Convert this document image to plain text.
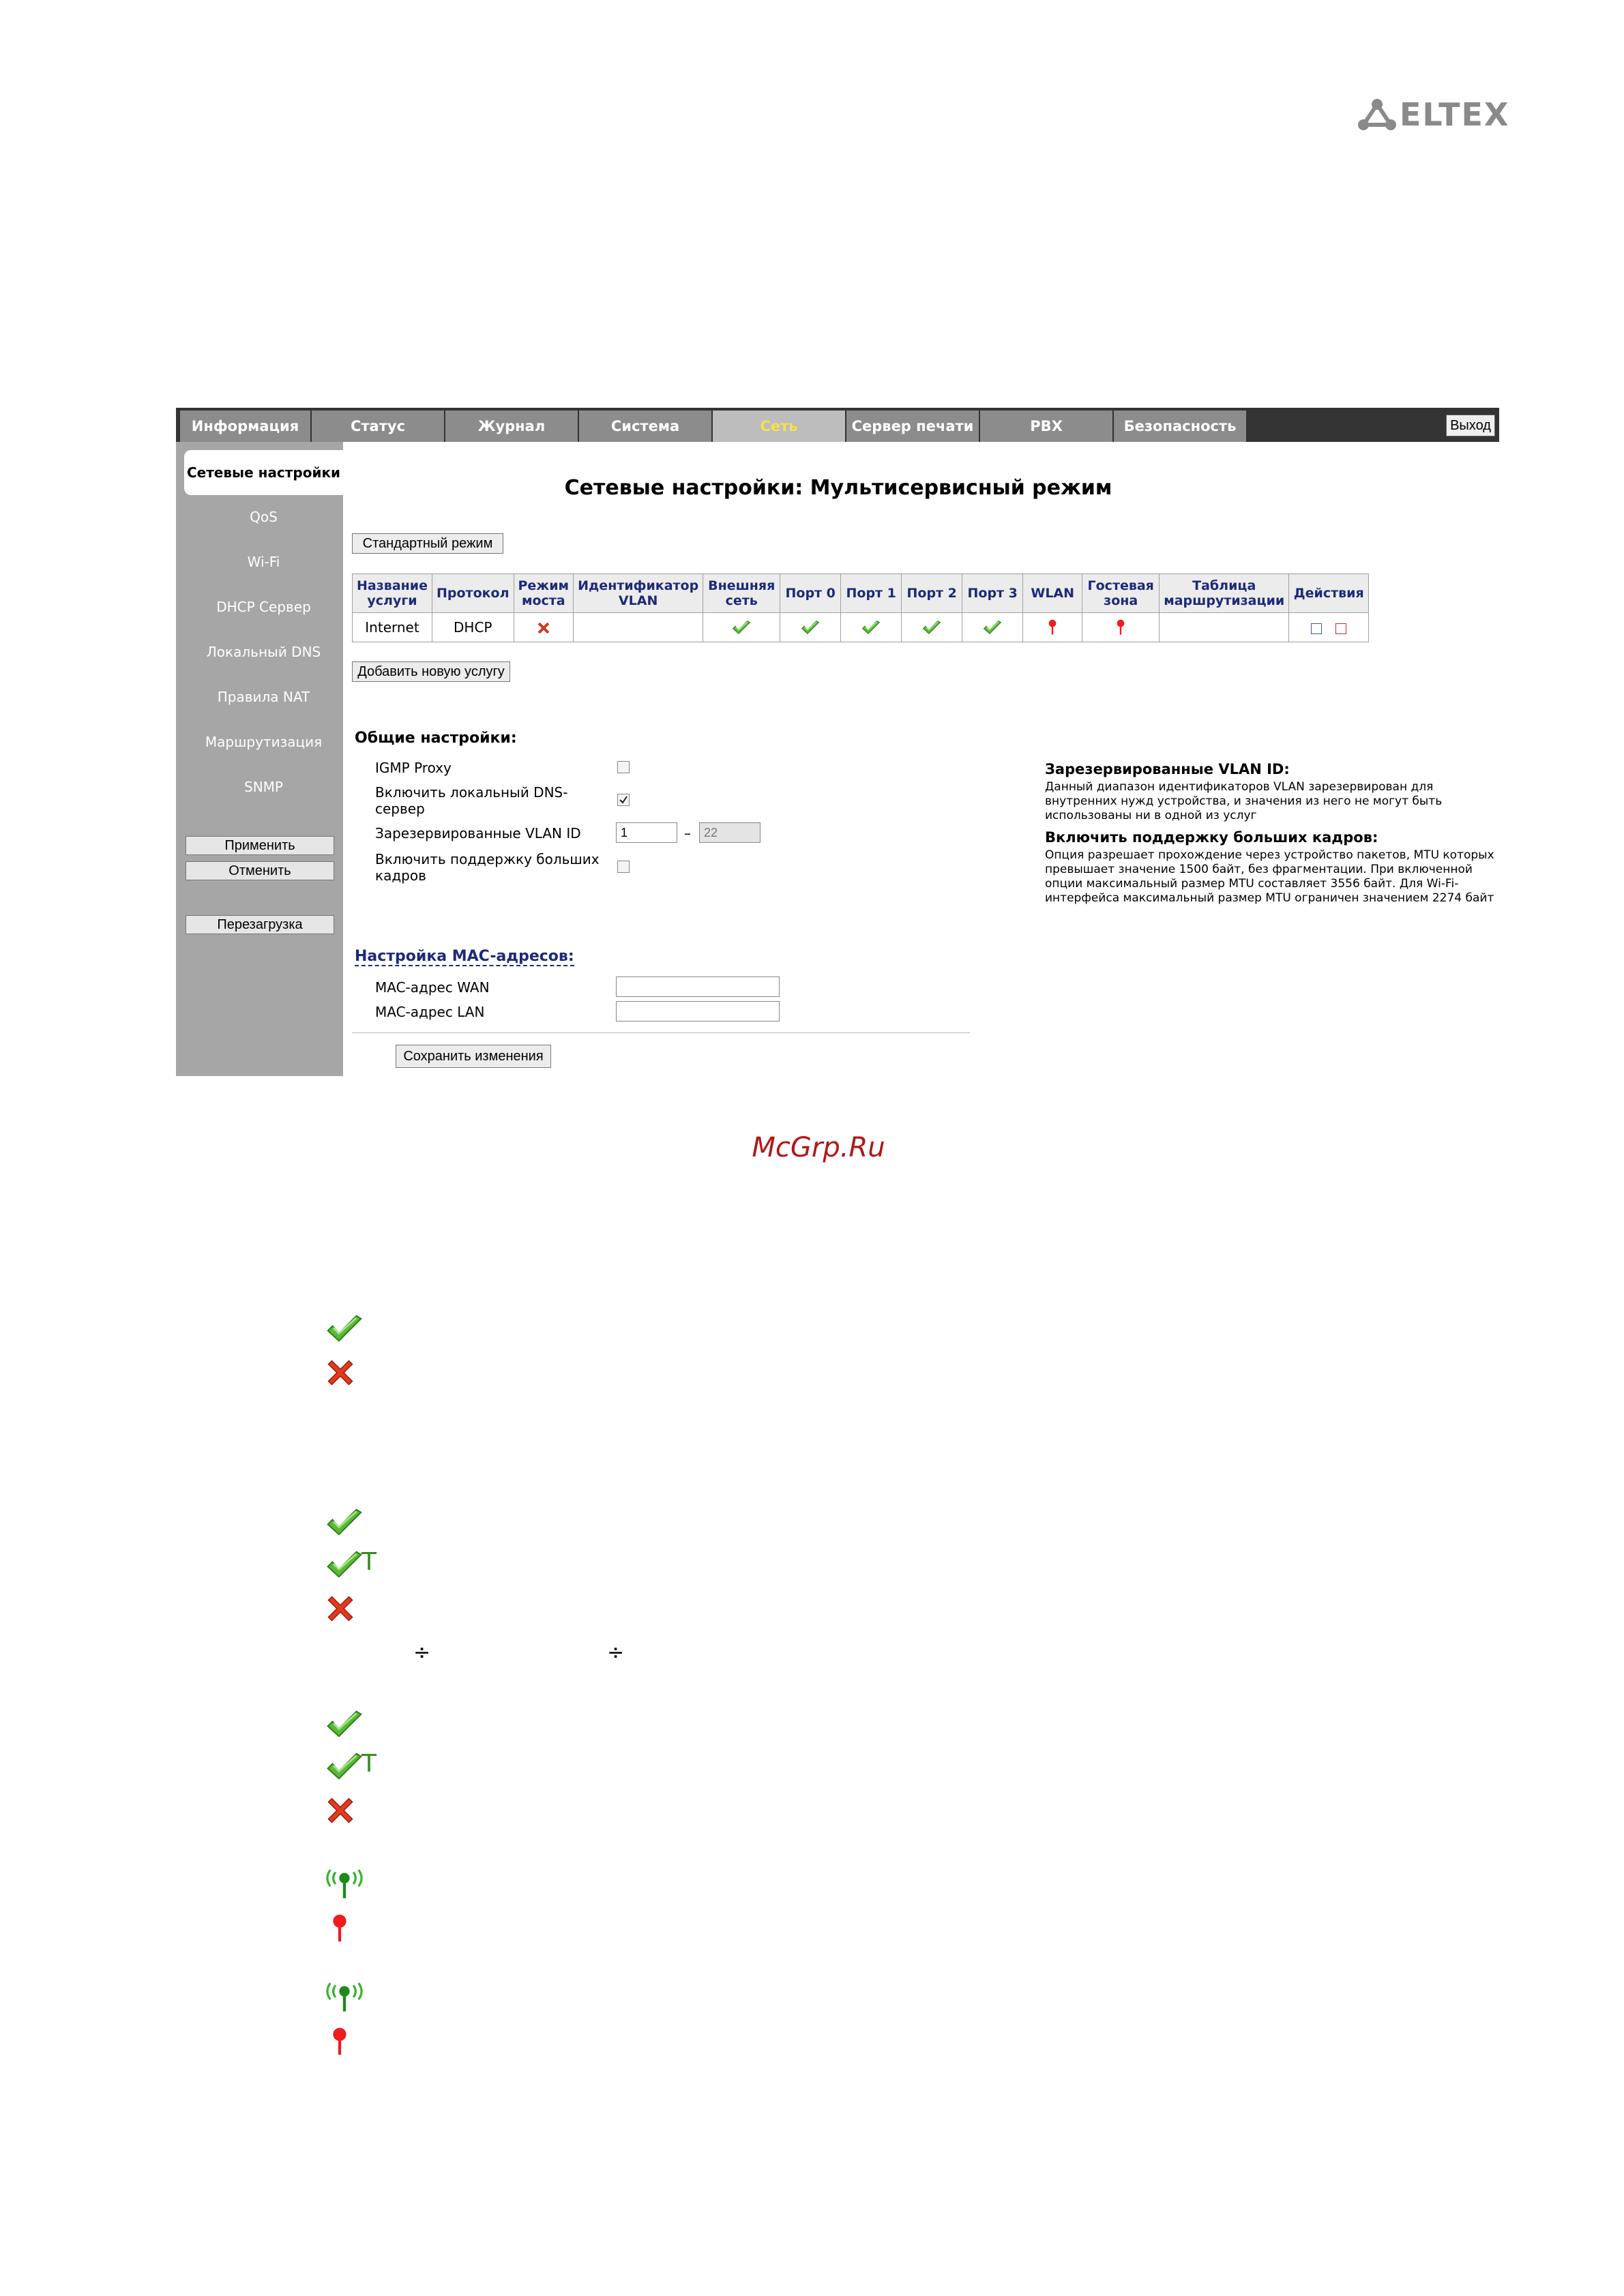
ELTEX
Информация	Статус	Журнал	Система	Сеть	Сервер печати	PBX	Безопасность	Выход
Сетевые настройки
QoS
Wi-Fi
DHCP Сервер
Локальный DNS
Правила NAT
Маршрутизация
SNMP
Применить
Отменить
Перезагрузка
Сетевые настройки: Мультисервисный режим
Стандартный режим
Название услуги	Протокол	Режим моста	Идентификатор VLAN	Внешняя сеть	Порт 0	Порт 1	Порт 2	Порт 3	WLAN	Гостевая зона	Таблица маршрутизации	Действия
Internet	DHCP											
Добавить новую услугу
Общие настройки:
IGMP Proxy
Включить локальный DNS-сервер
Зарезервированные VLAN ID	1	–	22
Включить поддержку больших кадров
Зарезервированные VLAN ID:
Данный диапазон идентификаторов VLAN зарезервирован для внутренних нужд устройства, и значения из него не могут быть использованы ни в одной из услуг
Включить поддержку больших кадров:
Опция разрешает прохождение через устройство пакетов, MTU которых превышает значение 1500 байт, без фрагментации. При включенной опции максимальный размер MTU составляет 3556 байт. Для Wi-Fi-интерфейса максимальный размер MTU ограничен значением 2274 байт
Настройка MAC-адресов:
MAC-адрес WAN
MAC-адрес LAN
Сохранить изменения
McGrp.Ru
T
÷	÷
T
